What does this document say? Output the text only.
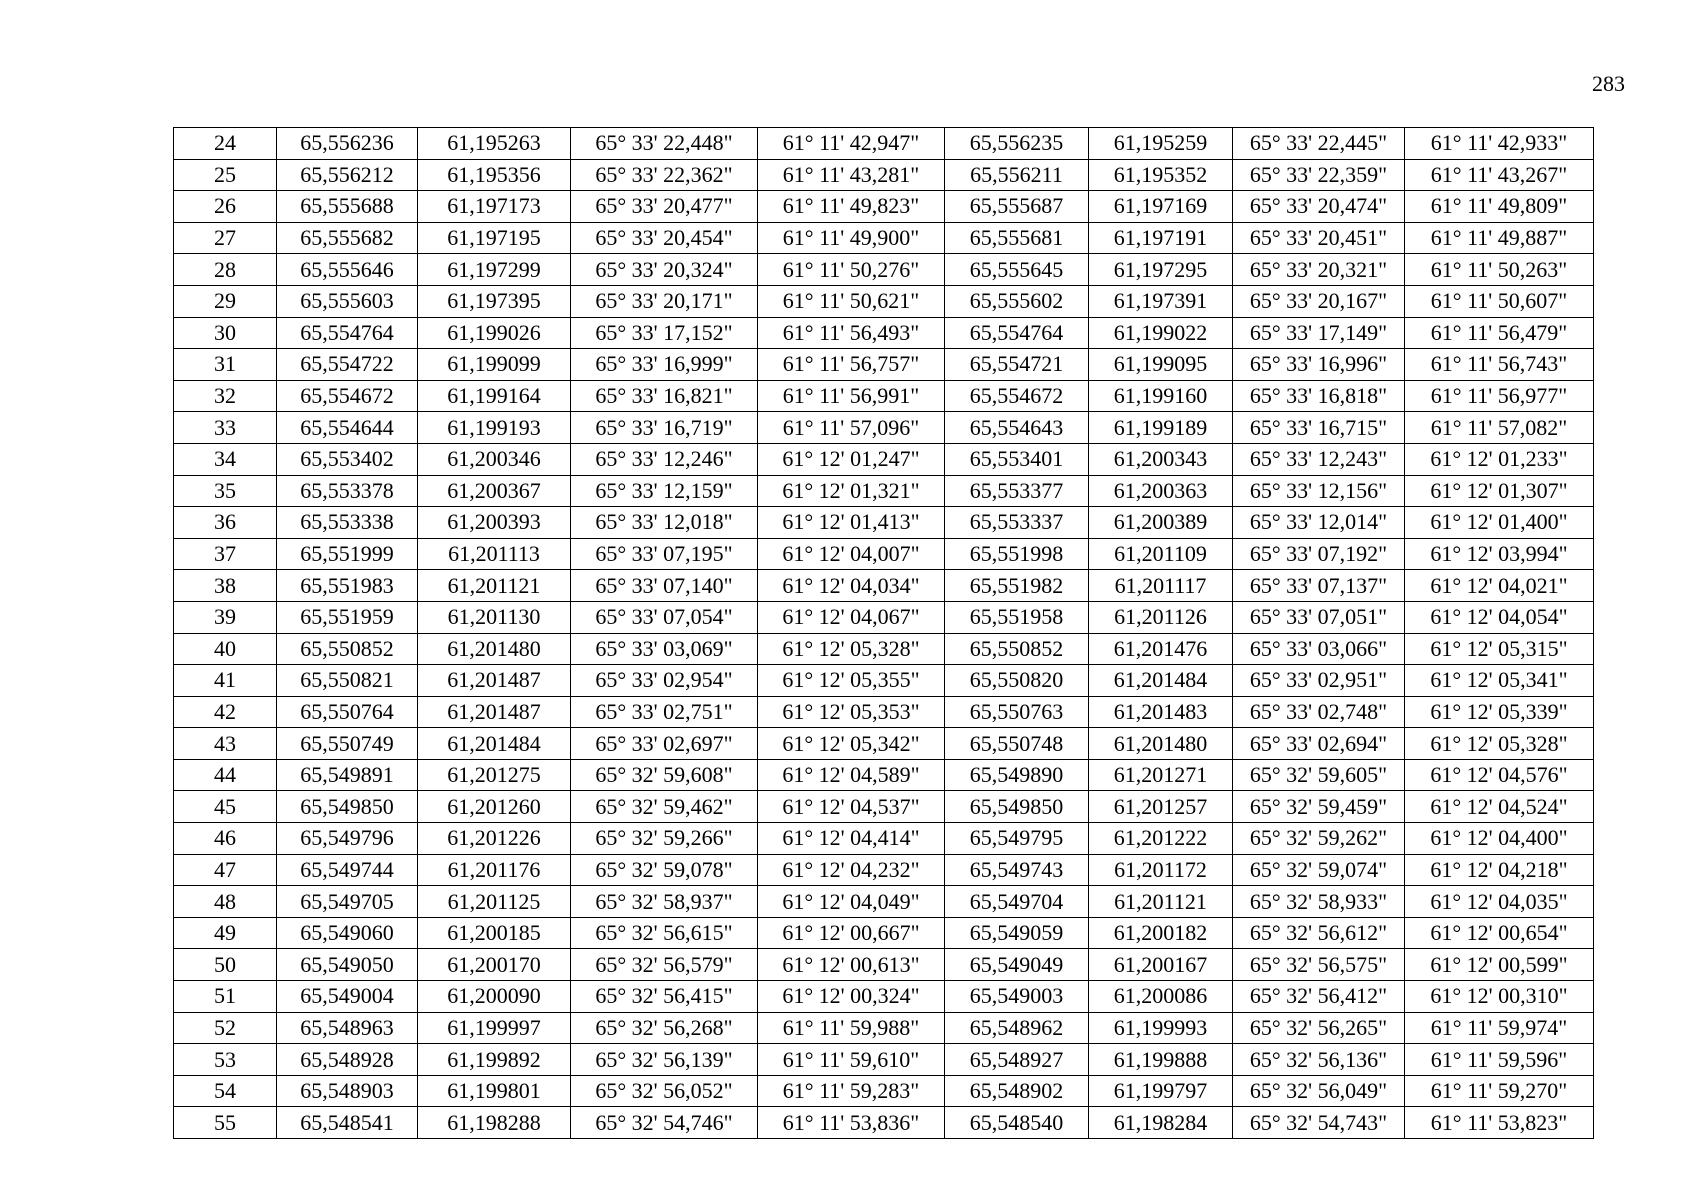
283
24	65,556236	61,195263	65° 33' 22,448"	61° 11' 42,947"	65,556235	61,195259	65° 33' 22,445"	61° 11' 42,933"
25	65,556212	61,195356	65° 33' 22,362"	61° 11' 43,281"	65,556211	61,195352	65° 33' 22,359"	61° 11' 43,267"
26	65,555688	61,197173	65° 33' 20,477"	61° 11' 49,823"	65,555687	61,197169	65° 33' 20,474"	61° 11' 49,809"
27	65,555682	61,197195	65° 33' 20,454"	61° 11' 49,900"	65,555681	61,197191	65° 33' 20,451"	61° 11' 49,887"
28	65,555646	61,197299	65° 33' 20,324"	61° 11' 50,276"	65,555645	61,197295	65° 33' 20,321"	61° 11' 50,263"
29	65,555603	61,197395	65° 33' 20,171"	61° 11' 50,621"	65,555602	61,197391	65° 33' 20,167"	61° 11' 50,607"
30	65,554764	61,199026	65° 33' 17,152"	61° 11' 56,493"	65,554764	61,199022	65° 33' 17,149"	61° 11' 56,479"
31	65,554722	61,199099	65° 33' 16,999"	61° 11' 56,757"	65,554721	61,199095	65° 33' 16,996"	61° 11' 56,743"
32	65,554672	61,199164	65° 33' 16,821"	61° 11' 56,991"	65,554672	61,199160	65° 33' 16,818"	61° 11' 56,977"
33	65,554644	61,199193	65° 33' 16,719"	61° 11' 57,096"	65,554643	61,199189	65° 33' 16,715"	61° 11' 57,082"
34	65,553402	61,200346	65° 33' 12,246"	61° 12' 01,247"	65,553401	61,200343	65° 33' 12,243"	61° 12' 01,233"
35	65,553378	61,200367	65° 33' 12,159"	61° 12' 01,321"	65,553377	61,200363	65° 33' 12,156"	61° 12' 01,307"
36	65,553338	61,200393	65° 33' 12,018"	61° 12' 01,413"	65,553337	61,200389	65° 33' 12,014"	61° 12' 01,400"
37	65,551999	61,201113	65° 33' 07,195"	61° 12' 04,007"	65,551998	61,201109	65° 33' 07,192"	61° 12' 03,994"
38	65,551983	61,201121	65° 33' 07,140"	61° 12' 04,034"	65,551982	61,201117	65° 33' 07,137"	61° 12' 04,021"
39	65,551959	61,201130	65° 33' 07,054"	61° 12' 04,067"	65,551958	61,201126	65° 33' 07,051"	61° 12' 04,054"
40	65,550852	61,201480	65° 33' 03,069"	61° 12' 05,328"	65,550852	61,201476	65° 33' 03,066"	61° 12' 05,315"
41	65,550821	61,201487	65° 33' 02,954"	61° 12' 05,355"	65,550820	61,201484	65° 33' 02,951"	61° 12' 05,341"
42	65,550764	61,201487	65° 33' 02,751"	61° 12' 05,353"	65,550763	61,201483	65° 33' 02,748"	61° 12' 05,339"
43	65,550749	61,201484	65° 33' 02,697"	61° 12' 05,342"	65,550748	61,201480	65° 33' 02,694"	61° 12' 05,328"
44	65,549891	61,201275	65° 32' 59,608"	61° 12' 04,589"	65,549890	61,201271	65° 32' 59,605"	61° 12' 04,576"
45	65,549850	61,201260	65° 32' 59,462"	61° 12' 04,537"	65,549850	61,201257	65° 32' 59,459"	61° 12' 04,524"
46	65,549796	61,201226	65° 32' 59,266"	61° 12' 04,414"	65,549795	61,201222	65° 32' 59,262"	61° 12' 04,400"
47	65,549744	61,201176	65° 32' 59,078"	61° 12' 04,232"	65,549743	61,201172	65° 32' 59,074"	61° 12' 04,218"
48	65,549705	61,201125	65° 32' 58,937"	61° 12' 04,049"	65,549704	61,201121	65° 32' 58,933"	61° 12' 04,035"
49	65,549060	61,200185	65° 32' 56,615"	61° 12' 00,667"	65,549059	61,200182	65° 32' 56,612"	61° 12' 00,654"
50	65,549050	61,200170	65° 32' 56,579"	61° 12' 00,613"	65,549049	61,200167	65° 32' 56,575"	61° 12' 00,599"
51	65,549004	61,200090	65° 32' 56,415"	61° 12' 00,324"	65,549003	61,200086	65° 32' 56,412"	61° 12' 00,310"
52	65,548963	61,199997	65° 32' 56,268"	61° 11' 59,988"	65,548962	61,199993	65° 32' 56,265"	61° 11' 59,974"
53	65,548928	61,199892	65° 32' 56,139"	61° 11' 59,610"	65,548927	61,199888	65° 32' 56,136"	61° 11' 59,596"
54	65,548903	61,199801	65° 32' 56,052"	61° 11' 59,283"	65,548902	61,199797	65° 32' 56,049"	61° 11' 59,270"
55	65,548541	61,198288	65° 32' 54,746"	61° 11' 53,836"	65,548540	61,198284	65° 32' 54,743"	61° 11' 53,823"
